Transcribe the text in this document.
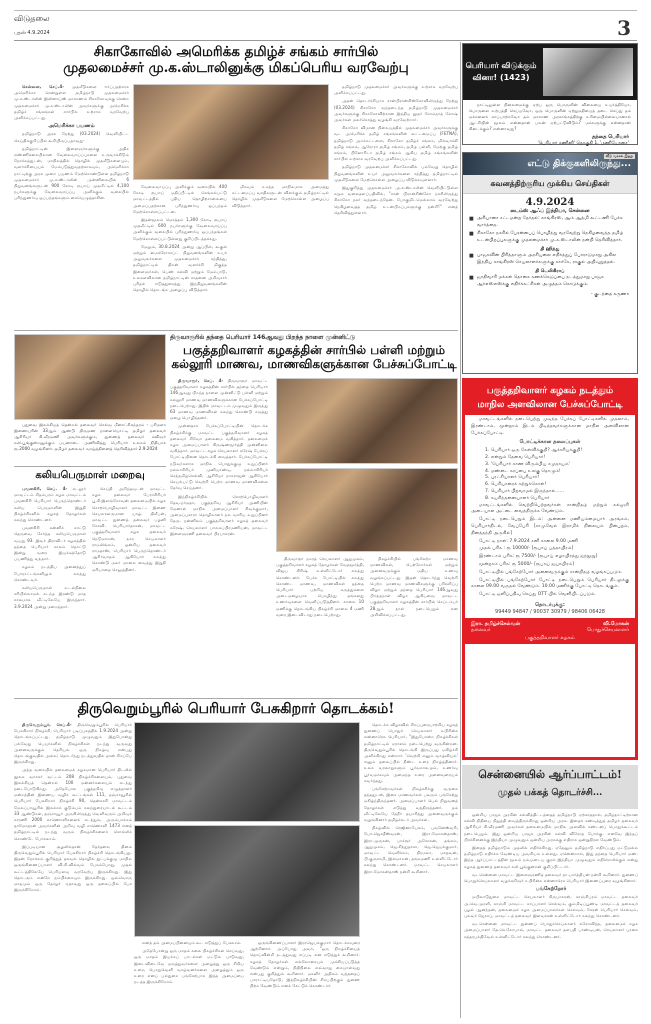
விடுதலை
புதன் 4.9.2024	3
சிகாகோவில் அமெரிக்க தமிழ்ச் சங்கம் சார்பில்
முதலமைச்சர் மு.க.ஸ்டாலினுக்கு மிகப்பெரிய வரவேற்பு

சென்னை, செப்.4- முதலீடுகளை ஈர்ப்பதற்காக அமெரிக்கா சென்றுள்ள தமிழ்நாடு முதலமைச்சர் மு.க.ஸ்டாலின் இலினாய்ஸ் மாகாணம் சிகாகோவுக்கு சென்ற முதலமைச்சர் மு.க.ஸ்டாலின் அவர்களுக்கு அமெரிக்க தமிழ்ச் சங்கங்கள் சார்பில் உற்சாக வரவேற்பு அளிக்கப்பட்டது.

அமெரிக்கா பயணம்

தமிழ்நாடு அரசு நேற்று (03.2024) வெளியிட்ட செய்திக்குறிப்பில் கூறியிருப்பதாவது-

தமிழ்நாட்டின் இளைஞர்களுக்கு அதிக எண்ணிக்கையிலான வேலைவாய்ப்புகளை உருவாக்கிடும் நோக்கத்துடன், மாநிலத்தில் தொழில் முதலீடுகளையும், வளர்ச்சியையும் மேம்படுத்துவதற்காகவும், அமெரிக்கா நாட்டிற்கு அரசு முறை பயணம் மேற்கொண்டுள்ள தமிழ்நாடு முதலமைச்சர் மு.க.ஸ்டாலின் முன்னிலையில் 6 நிறுவனங்களுடன் 900 கோடி ரூபாய் முதலீட்டில் 4,100 நபர்களுக்கு வேலைவாய்ப்பு அளிக்கும் வகையில் புரிந்துணர்வு ஒப்பந்தங்களும் கையெழுத்தாகின.

வேலைவாய்ப்பு அளிக்கும் வகையில் 400 கோடி ரூபாய் மதிப்பீட்டில் செங்கல்பட்டு மாவட்டத்தில் புதிய தொழிற்சாலையை அமைப்பதற்கான புரிந்துணர்வு ஒப்பந்தம் மேற்கொள்ளப்பட்டன.

இதன்மூலம் மொத்தம் 1,300 கோடி ரூபாய் முதலீட்டில் 600 நபர்களுக்கு வேலைவாய்ப்பு அளிக்கும் வகையில் புரிந்துணர்வு ஒப்பந்தங்கள் மேற்கொள்ளப்பட்டுள்ளது குறிப்பிடத்தக்கது.

மேலும், 30.8.2024 அன்று ஆப்பிள், கூகுள் மற்றும் மைக்ரோசாப்ட் நிறுவனங்களின் உயர் அலுவலர்களை முதலமைச்சர் சந்தித்து, தமிழ்நாட்டில் திறன் வளர்ச்சி மிகுந்த இளைஞர்கள், பெண் கல்வி மற்றும் மேம்பாடு, உலகளவிலான தமிழ்நாட்டின் சாதனை அறிவுசார் புரிதல் எடுத்துரைத்து இந்நிறுவனங்களின் தொழில் தொடங்க அழைப்பு விடுத்தார்.

மிகவும் உகந்த மாநிலமாக அமைத்து கட்டமைப்பு வசதிகளுடன் விளக்கும் தமிழ்நாட்டில் தொழில் முதலீடுகளை மேற்கொள்ள அழைப்பு விடுத்தார்.

தமிழ்நாடு முதலமைச்சர் அவர்களுக்கு உற்சாக வரவேற்பு அளிக்கப்பட்டது.

அதன் தொடர்ச்சியாக சான்பிரான்சிஸ்கோவிலிருந்து நேற்று (03.2024) சிகாகோ வந்தடைந்த தமிழ்நாடு முதலமைச்சர் அவர்களுக்கு சிகாகோவிற்கான இந்திய தூதர் சோம்நாத் கோஷ் அவர்கள் மலர்கொத்து வழங்கி வரவேற்றார்.

சிகாகோ விமான நிலையத்தில் முதலமைச்சர் அவர்களுக்கு வட அமெரிக்க தமிழ் சங்கங்களின் கூட்டமைப்பு (FETNA), தமிழ்நாடு அறக்கட்டளை, சிகாகோ தமிழ்ச் சங்கம், மில்வாக்கி தமிழ் சங்கம், ஆரோரா தமிழ் சங்கம், தமிழ் பள்ளி, மேற்கு தமிழ் சங்கம், பிளோரிடா தமிழ் சங்கம் ஆகிய தமிழ் சங்கங்களின் சார்பில் உற்சாக வரவேற்பு அளிக்கப்பட்டது.

தமிழ்நாடு முதலமைச்சர் சிகாகோவில் பல்வேறு தொழில் நிறுவனங்களின் உயர் அலுவலர்களை சந்தித்து தமிழ்நாட்டில் முதலீடுகளை மேற்கொள்ள அழைப்பு விடுக்கவுள்ளார்.

இதுகுறித்து முதலமைச்சர் மு.க.ஸ்டாலின் வெளியிட்டுள்ள சமூக வலைதளப்பதிவில், "சான் பிரான்சிஸ்கோ நகரிலிருந்து சிகாகோ நகர் வந்தடைந்தேன். போகுமிடமெல்லாம் வரவேற்று நெகிழவைத்த தமிழ் உடன்பிறப்புகளுக்கு நன்றி!" எனத் தெரிவித்துள்ளார்.

புதுவை இலக்கியத் தென்றல் தலைவர் செல்வ மீனாட்சிசுந்தரம் - பரிமளா இணையரின் 33ஆம் ஆண்டு திருமண நாளையொட்டி தமிழர் தலைவர் ஆசிரியர் கி.வீரமணி அவர்களுக்கும், துணைத் தலைவர் கவிஞர் கலி.பூங்குன்றனுக்கும் பயனாடை அணிவித்து பெரியார் உலகம் நிதியாக ரூ.2000 வழங்கினர். தமிழர் தலைவர் வாழ்த்தினைத் தெரிவித்தார் 2.9.2024
திருவாரூரில் தந்தை பெரியார் 146ஆவது பிறந்த நாளை முன்னிட்டு
பகுத்தறிவாளர் கழகத்தின் சார்பில் பள்ளி மற்றும்
கல்லூரி மாணவ, மாணவிகளுக்கான பேச்சுப்போட்டி

திருவாரூர், செப். 4- திருவாரூர் மாவட்ட பகுத்தறிவாளர் கழகத்தின் சார்பில் தந்தை பெரியார் 146ஆவது பிறந்த நாளை முன்னிட்டு பள்ளி மற்றும் கல்லூரி மாணவ மாணவிகளுக்கான பேச்சுப்போட்டி நடைபெற்றது. இதில் மாவட்டம் முழுவதும் இருந்து 63 மாணவ மாணவிகள் கலந்து கொண்டு கருத்து மழை பொழிந்தனர்.

முன்னதாக பேச்சுப்போட்டியின் தொடக்க நிகழ்ச்சிக்கு மாவட்ட பகுத்தறிவாளர் கழகத் தலைவர் சிவோ தலைமை வகித்தார். தலைமைக் கழக அமைப்பாளர் கிருஷ்ணமூர்த்தி முன்னிலை வகித்தார். மாவட்ட கழக செயலாளர் சுரேஷ் பேச்சுப் போட்டியினை தொடக்கி வைத்தார். பேச்சுப்போட்டி நடுவர்களாக மாநில பொதுக்குழு உறுப்பினர் நல்லாசிரியர் முனியாண்டி, நல்லாசிரியர் செந்தமிழ்செல்வி, ஆசிரியர் நாகராஜன் ஆகியோர் செயல்பட்டு வெற்றி பெற்ற மாணவ மாணவிகளை தேர்வு செய்தனர்.

இந்நிகழ்ச்சியில் சொற்பொழிவாளர் தேவ.நர்மதா, பகுத்தறிவு ஆசிரியர் அணியின் மேனாள் மாநில அமைப்பாளர் சிவக்குமார், அமைப்புசாரா தொழிலாளர் நல வாரிய உறுப்பினர் தேரு. நன்னிலம் பகுத்தறிவாளர் கழகத் தலைவர் சுரேஷ், செயலாளர் பாலசுப்பிரமணியன், மாவட்ட இளைஞரணி தலைவர் பிரபாகரன்.

திருவாரூர் நகரத் செயலாளர் ஆறுமுகம், பகுத்தறிவாளர் கழகத் தோழர்கள் வேதமூர்த்தி, விஜய கிரிஷ் உள்ளிட்டோர் கலந்து கொண்டனர். பேச்சு போட்டியில் கலந்து கொண்ட மாணவ, மாணவிகள் தந்தை பெரியார் பற்றிய கருத்துகளை அடைமழையாக பொழிந்து தங்களது உணர்வுகளை வெளிப்படுத்தினர். காலை 10 மணிக்கு தொடங்கிய நிகழ்ச்சி மாலை 4 மணி வரை இடைவிடாது நடைபெற்றது.

நிகழ்ச்சியில் பங்கேற்ற மாணவ மாணவிகள், பெற்றோர்கள் மற்றும் அனைவருக்கும் மதிய உணவு வழங்கப்பட்டது. இதன் தொடர்ந்து வெற்றி பெற்ற மாணவ மாணவிகளுக்கு பரிசளிப்பு விழா மற்றும் தந்தை பெரியார் 146ஆவது பிறந்தநாள் விழா ஆகியவை மாவட்ட பகுத்தறிவாளர் கழகத்தின் சார்பில் செப்டம்பர் 28ஆம் நாள் நடைபெறும் என அறிவிக்கப்பட்டது.

கலியபெருமாள் மறைவு

புவனகிரி, செப். 4- கடலூர் மாவட்டம் சிதம்பரம் கழக மாவட்டம் புவனகிரி பெரியார் பெருந்தொண்டர் கலிய பெருமாளின் இறுதி நிகழ்ச்சிகளில் கழகத் தோழர்கள் கலந்து கொண்டனர்.

புவனகிரி கன்னிக் காட்டு தெருவை சேர்ந்த கலியபெருமாள் வயது 93. இவர் திராவிடர் கழகத்தில் தந்தை பெரியார் காலம் தொட்டு இன்று வரை இயக்கத்தோடு பயணித்து வந்தார்.

கழகம் நடத்திய அனைத்துப் போராட்டங்களிலும் கலந்து கொண்டவர்.

கலியபெருமாள் உடல்நிலை சரியில்லாமல் கடந்த இரண்டு மாத காலமாக வீட்டிலேயே இருந்தார். 3.9.2024 அன்று மறைந்தார்.

செய்தி அறிந்தவுடன் மாவட்ட கழக தலைவர் பேராசிரியர் பூ.சி.இளங்கோவன் தலைமையில் கழக சொற்பொழிவாளர் மாவட்ட இணை செயலாளருமான யாழ். திலீபன், மாவட்ட துணைத் தலைவர் பழனி கோவி. பெரியார்தாசன், மாவட்ட பகுத்தறிவாளர் கழக தலைவர் நெடுமாறன், நகர செயலாளர் ராமலிங்கம், ஒன்றிய தலைவர் ராமதாஸ், பெரியார் பெருந்தொண்டர் ஆசிர்வாதம் ஆகியோர் கலந்து கொண்டு மலர் மாலை வைத்து இறுதி மரியாதை செலுத்தினர்.

திருவெறும்பூரில் பெரியார் பேசுகிறார் தொடக்கம்!

திருவெறும்பூர், செப்.4- திருவெறும்பூரில் பெரியார் பேசுகிறார் நிகழ்ச்சி, பெரியார் படிப்பகத்தில் 1.9.2024 அன்று தொடங்கப்பட்டது. தமிழ்நாடு முழுவதும் இதுபோன்று பல்வேறு பெயர்களில் நிகழ்ச்சிகள் நடந்து வருவது அனைவருக்கும் தெரியும். ஒரு நிகழ்வு என்பது தொடங்குவதில் அல்ல; தொடர்ந்து நடத்துவதில் தான் சிறப்பே இருக்கிறது.

அந்த வகையில் தலைமைக் கழகமான பெரியார் திடலில் நூலக வாசகர் வட்டம் 208 நிகழ்ச்சிகளையும், புதுவை இலக்கியத் தென்றல் 100 மன்னர்களையும் கடந்து நடைபோடுகிறது. அதேபோல பகுத்தறிவு எழுத்தாளர் மன்றத்தின் இணைய வழிக் கூட்டங்கள் 111, தஞ்சாவூரில் பெரியார் பேசுகிறார் நிகழ்ச்சி 90, தென்காசி மாவட்டம் மேலப்பாவூரில் இலக்கக் குடும்பம் கலந்துரையாடல் கூட்டம் 33 ஆண்டுகள், தஞ்சாவூர் அருகிலிருந்து வெளிவரும் அறிவுக் காரணி 2000 காணொளிகளைக் கடந்தும், அரும்பாக்கம் தாமோதரன் அவர்களின் அறிவு வழி காணொளி 1473 எனத் தமிழ்நாட்டில் நடந்து வரும் நிகழ்ச்சிகளைச் சொல்லிக் கொண்டே போகலாம்.

இப்படியான சூழலில்தான் தேர்தலை தினம் திருவெறும்பூரில் பெரியார் பேசுகிறார் நிகழ்ச்சி தொடங்கியது. இதன் நோக்கம் குறித்துத் தகவல் தொழில் நுட்பக்குழு மாநில ஒருங்கிணைப்பாளர் வி.சி.வில்வம் பேசும்போது, முதல் கூட்டத்திலேயே பெரியளவு வரவேற்பு இருக்கிறது. இது தொடரும் என்றே நம்பிக்கையும் இருக்கிறது. ஒவ்வொரு மாதமும் ஒரு தோழர் ஏதாவது ஒரு தலைப்பில் பேச இருக்கிறோம்.

எனத் தம் அமைப்பினையும் கூட எடுத்துப் பேசலாம்.

அதேபோன்று ஒரு மாதம் கலை நிகழ்ச்சிகள் செய்வது, ஒரு மாதம் இயக்கப் பாடல்கள் மட்டும் பாடுவது, இடைவிடைவே மருத்துவர்களை அழைத்து ஒரு சிறிய உரை, பொதுவெளி வாழ்வனர்களை அழைத்தும் ஒரு உரை எனப் பல்துறை பங்கேற்பாக இந்த அமைப்பை நடத்த இருக்கிறோம்.

ஒருங்கிணைப்பாளர் இராஜெயக்குமார் தொடக்கவுரை ஆற்றினார். அப்போது அவர், "ஒரு நிகழ்ச்சியைத் தொய்வின்றி நடத்துவது எப்படி என எடுத்துக் கூறினார். கழகத் தோழர்கள் எல்லோரையும் முக்கியப்படுத்த வேண்டும் என்றும், நிதிநிலை எவ்வாறு கையாள்வது என்பது குறித்தும் கூறினார். மகளிர் அதிகம் வந்ததைப் பாராட்டியதோடு, இந்நிகழ்ச்சியின் சிறப்பிற்கும் துணை நிற்க வேண்டும் எனக் கேட்டுக் கொண்டார்.

தொடக்க விழாவில் சிறப்புரையாற்றிய கழகத் துணைப் பொதுச் செயலாளர் ச.பிரின்சு என்னாரெசு பெரியார், "இதுபோன்ற நிகழ்ச்சிகள் தமிழ்நாட்டில் ஏராளம் நடைபெற்று வருகின்றன. திருவெறும்பூரில் தொடங்கி இருப்பது மகிழ்ச்சி அளிக்கிறது என்றார். 'வெற்றி எனும் வாழ்வியல்' எனும் தலைப்பில் நீண்ட உரை நிகழ்த்தினார். உலக வரலாறுகளும் பூர்வகாலமும், உணர்வு பூர்வமாகவும் அமைந்த உரை அனைவரையும் கவர்ந்தது.

பங்கேற்றவர்கள் நிகழ்ச்சிக்கு வருகை தந்ததுடன், இசை மாணவர்கள் பலரும் பங்கேற்று மகிழ்ந்திருந்தனர். அமைப்பாளர் பெல் நிறுவனத் தோழர்கள் எடுத்து வந்திருந்தனர். தம் வீட்டிலேயே தேநீர் தயாரித்து அனைவருக்கும் வழங்கினார் தமிழ்ச்சுடர் அவர்கள்.

நிகழ்வில் ரெஜினாபேகம், புவனேஸ்வரி, போ.ஜெகதீஸ்வரன், இரா.மோகன்தாஸ், இரா.முருகன், பாச்ரூர் அசோகன், தங்கம், ஆறுமுகம், ஜெ.சிந்துதாசா, ஜெ.ஜெயக்குமார், மாவட்ட வெளிச்சம், நிரமலா, மாதவன், பி.குருசாமி, இளமாறன், தங்கமணி உள்ளிட்டோர் கலந்து கொண்டனர். மாவட்ட செயலாளர் இரா.மோகன்தாஸ் நன்றி கூறினார்.

பெரியார் விடுக்கும்
வினா! (1423)
நாட்டிலுள்ள நிலைமைக்கு ஏற்ப ஒரு பொருளின் விலையை உயர்த்தியோ, பொருளை உற்பத்தி செய்யவோ, ஒரு பொருளின் ஏற்றுமதியைத் தடை செய்து தம் மக்களைக் காப்பாற்றவோ தம் மாகாண அரசாங்கத்திற்கு உரிமையில்லையானால் ஆட்சியின் மூலம் என்னதான் பலன் ஏற்பட்டுவிடும்? மக்களுக்கு என்னதான் கிடைக்கும்? என்னாவது?
தந்தை பெரியார்
'பெரியார் கணினி' தொகுதி 1, 'மணியோசை'
வீடு வாசல் இதழ்
எட்டு திக்குகளிலிருந்து...
கவனத்திற்குரிய முக்கிய செய்திகள்
4.9.2024
டைம்ஸ் ஆஃப் இந்தியா, சென்னை
■ அரியானா சட்டமன்ற தேர்தல்: காங்கிரஸ், ஆம் ஆத்மி கூட்டணி பேச்சு வார்த்தை.
■ சிகாகோ நகரில் பேரன்பைப் பொழிந்து வரவேற்று நெகிழவைத்த தமிழ் உடன்பிறப்புகளுக்கு முதலமைச்சர் மு.க.ஸ்டாலின் நன்றி தெரிவித்தார்.
தி ஹிந்து
■ பாஜகவின் பிரித்தாளும் அரசியலை எதிர்த்துப் போராடுமாறு அகில இந்திய காங்கிரஸ் செயலாளர்களுக்கு கார்கே, ராகுல் அறிவுறுத்தல்.
தி டெலிகிராப்
■ ஜாதிவாரி மக்கள் தொகை கணக்கெடுப்பை நடத்துமாறு பாஜக ஆர்எஸ்எஸ்க்கு எதிர்க்கட்சிகள் அழுத்தம் கொடுக்கும்.
- குடந்தை கருணா
பகுத்தறிவாளர் கழகம் நடத்தும்
மாநில அளவிலான பேச்சுப்போட்டி

மாவட்டங்களில் நடைபெற்று முடிந்த பேச்சுப் போட்டிகளில் முதலாம், இரண்டாம், மூன்றாம் இடம் பிடித்தவர்களுக்கான மாநில அளவிலான பேச்சுப்போட்டி.

போட்டிக்கான தலைப்புகள்
1. பெரியார் ஒரு கேள்விக்குறி? ஆச்சரியக்குறி!
2. என்றும் தேவை பெரியார்!
3. 'பெரியார் காண விரும்பிய சமுதாயம்'
4. மண்டை சுரப்பை உலகு தொழும்!
5. புரட்சியாளர் பெரியார்!
6. பெரியாரைக் கற்றுக்கொள்!
7. பெரியார் பிறவாமல் இருந்தால்......
8. சுயசிந்தனையாளர் பெரியார்

மாவட்டங்களில் வெற்றிபெற்றவர்கள் சான்றிதழ் மற்றும் கல்லூரி அடையாள அட்டை வைத்திருக்க வேண்டும்.

போட்டி நடைபெறும் இடம்: அன்னை மணியம்மையார் அரங்கம், பெரியார்திடல், வேப்பேரி [சாமுவேல் இராமிக் நிலையம் பின்புறம், தினத்தந்தி அருகில்]

போட்டி நாள்: 7.9.2024 சனி காலை 9.00 மணி

முதல் பரிசு : ரூ 10000/- [ரூபாய் பத்தாயிரம்]

இரண்டாம் பரிசு: ரூ 7500/- [ரூபாய் எழாயிரத்து ஐந்நூறு]

மூன்றாம் பரிசு: ரூ 5000/- [ரூபாய் ஐயாயிரம்]

போட்டியில் பங்கேற்போர் அனைவருக்கும் சான்றிதழ் வழங்கப்படும்.

போட்டியில் பங்கேற்போர் போட்டி நடைபெறும் பெரியார் திடலுக்கு காலை 09.00 வருதல் வேண்டும். 10.00 மணிக்கு போட்டி தொடங்கும்.

போட்டி ஒளிப்பதிவு செய்து OTT யில் வெளியிடப்படும்.

தொடர்புக்கு:
99449 94847 / 90037 30979 / 98406 06428
இரா. தமிழ்ச்செல்வன்	வி.மோகன்
தலைவர்	பொதுச்செயலாளர்
பகுத்தறிவாளர் கழகம்
சென்னையில் ஆர்ப்பாட்டம்!
முதல் பக்கத் தொடர்ச்சி...

ஒன்றிய பாஜக அரசின் கல்வித்திட்டத்தைத் தமிழ்நாடு ஏற்காததால், தமிழ்நாட்டிற்கான கல்வி நிதியை நிறுத்தி வைத்திருக்கிறது ஒன்றிய அரசு. இதைக் கண்டித்துத் தமிழர் தலைவர் ஆசிரியர் கி.வீரமணி அவர்கள் தலைமையில் மாநில அளவில் கண்டனப் பொதுக்கூட்டம் நடைபெறும். இது ஒன்றிய பாஜக அரசின் கல்வி விரோத போக்கு. எனவே இந்தப் பிரச்சினைக்கு இந்தியா முழுவதும் ஒன்றிய அரசுக்கு எதிராக ஒன்றுதிரள வேண்டும்.

இதைத் தமிழ்நாடும் முதலில் எதிர்க்கிறது. ஏதேனும் தமிழ்நாடு எதிர்ப்பது மட்டுமல்ல தமிழ்நாடு எதிர்க்க வேண்டிய அவசியம் உள்ளது. ஏனென்றால், இது தந்தை பெரியார் மண். இந்த ஆர்ப்பாட்டத்தின் மூலம் நம்முடைய குரல் இந்தியா முழுவதும் எதிரொலிக்கும் என்று கழகத் துணைத் தலைவர் கலி.பூங்குன்றன் குறிப்பிட்டார்.

வடசென்னை மாவட்ட இளைஞரணித் தலைவர் நா.பார்த்திபன் நன்றி கூறினார். துணைப் பொதுச்செயலாளர் வழக்கறிஞர் ச.பிரின்சு என்னாரெசு பெரியார் இணைப்புரை வழங்கினார்.

பங்கேற்றோர்

மயிலாடுதுறை மாவட்ட செயலாளர் கிருபாகரன், காஞ்சிபுரம் மாவட்ட தலைவர் அ.வெ.முரளி, காஞ்சி மாவட்ட காப்பாளர் செல்வம், கும்மிடிப்பூண்டி மாவட்டத் தலைவர் புழல் ஆனந்தன், தலைமைக் கழக அமைப்பாளர்கள் செல்வம், சேரன் பெரியார் செல்வம், புலவர் ஜோசப், மாவட்டத் தலைவர் இளவரசன் உள்ளிட்டோர் கலந்து கொண்டனர்.

வடசென்னை மாவட்ட துணைப் பொதுச்செயலாளர் சுகோவிந்த, தலைமைக் கழக அமைப்பாளர் தே.செ.கோபால், மாவட்ட தலைவர் தளபதி பாண்டியன், செயலாளர் புரசை சுந்தரபக்திவேல் உள்ளிட்டோர் கலந்து கொண்டனர்.
